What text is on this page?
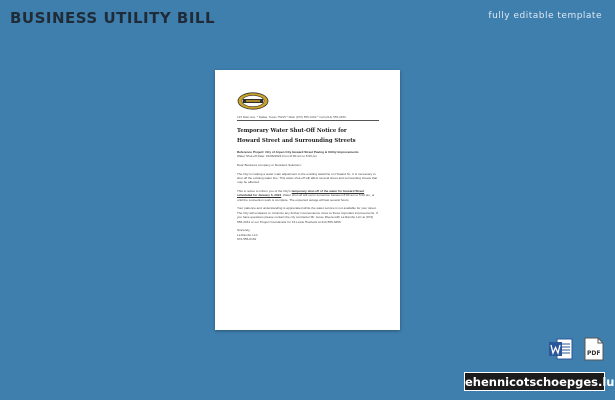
BUSINESS UTILITY BILL	fully editable template
123 Main Ave. * Dallas, Texas 75215 * Main (972) 555-0162 * Cell (214) 555-0456
Temporary Water Shut-Off Notice for Howard Street and Surrounding Streets

Reference Project: City of Arpen City Howard Street Paving & Utility Improvements
Water Shut-off Date: 01/06/2024 From 8:00 am to 5:00 pm

Dear Business company or Resident Solutions:

The City is making a water main adjustment to the existing waterline on Howard St.. It is necessary to shut off the existing water line. This water shut-off will affect several street and surrounding streets that may be affected.

This is notice to inform you of the City's temporary shut-off of the water for Howard Street scheduled for January 6, 2024. Water shut-off will occur sometime between 8:00 am to 5:00 pm, or until the connection work is complete. The expected outage will last several hours.

Your patience and understanding is appreciated while the water service is not available for your street. The City will endeavor to minimize any further inconvenience close to these important improvements. If you have questions please contact the city contractor Mr. Jesse Rivera with La Rambo LLC at (972) 555-2331 or our Project Coordinator for 15 Lewis Huebeck at 214-555-0456

Sincerely,
La Rambo LLC
972-555-0161

PDF
ehennicotschoepges.lu
